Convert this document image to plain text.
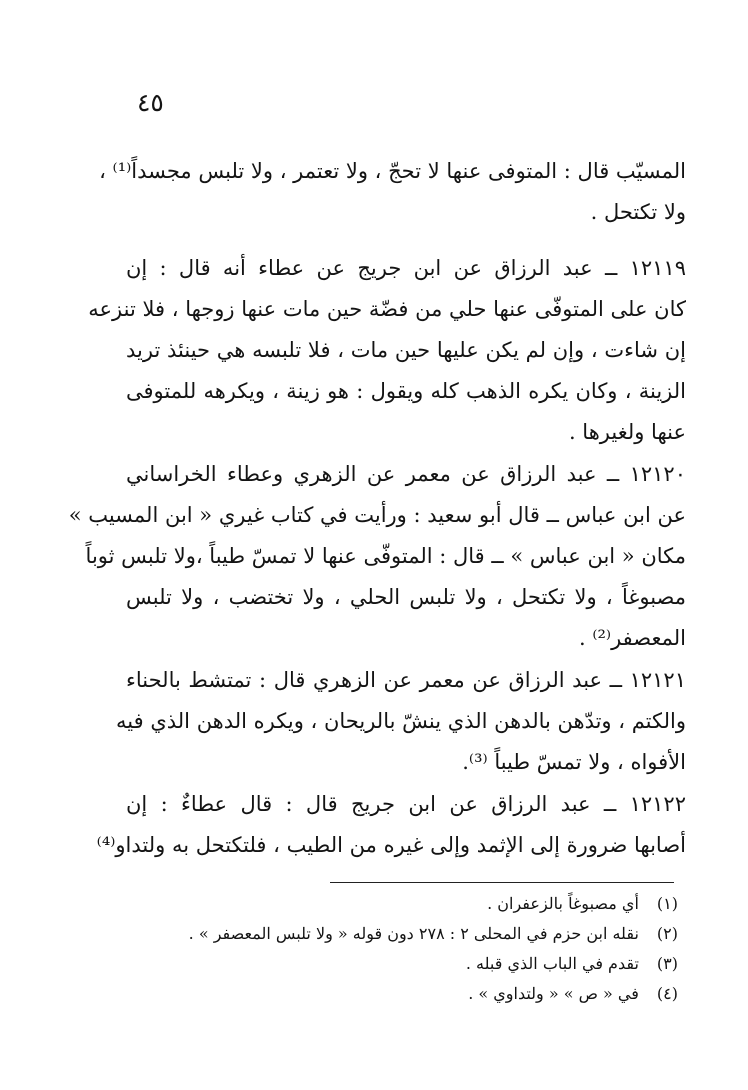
٤٥
المسيّب قال : المتوفى عنها لا تحجّ ، ولا تعتمر ، ولا تلبس مجسداً⁽¹⁾ ،
ولا تكتحل .
١٢١١٩ ــ عبد الرزاق عن ابن جريج عن عطاء أنه قال : إن
كان على المتوفّى عنها حلي من فضّة حين مات عنها زوجها ، فلا تنزعه
إن شاءت ، وإن لم يكن عليها حين مات ، فلا تلبسه هي حينئذ تريد
الزينة ، وكان يكره الذهب كله ويقول : هو زينة ، ويكرهه للمتوفى
عنها ولغيرها .
١٢١٢٠ ــ عبد الرزاق عن معمر عن الزهري وعطاء الخراساني
عن ابن عباس ــ قال أبو سعيد : ورأيت في كتاب غيري « ابن المسيب »
مكان « ابن عباس » ــ قال : المتوفّى عنها لا تمسّ طيباً ،ولا تلبس ثوباً
مصبوغاً ، ولا تكتحل ، ولا تلبس الحلي ، ولا تختضب ، ولا تلبس
المعصفر⁽²⁾ .
١٢١٢١ ــ عبد الرزاق عن معمر عن الزهري قال : تمتشط بالحناء
والكتم ، وتدّهن بالدهن الذي ينشّ بالريحان ، ويكره الدهن الذي فيه
الأفواه ، ولا تمسّ طيباً ⁽³⁾.
١٢١٢٢ ــ عبد الرزاق عن ابن جريج قال : قال عطاءٌ : إن
أصابها ضرورة إلى الإثمد وإلى غيره من الطيب ، فلتكتحل به ولتداو⁽⁴⁾
(١) أي مصبوغاً بالزعفران .
(٢) نقله ابن حزم في المحلى ٢ : ٢٧٨ دون قوله « ولا تلبس المعصفر » .
(٣) تقدم في الباب الذي قبله .
(٤) في « ص » « ولتداوي » .
